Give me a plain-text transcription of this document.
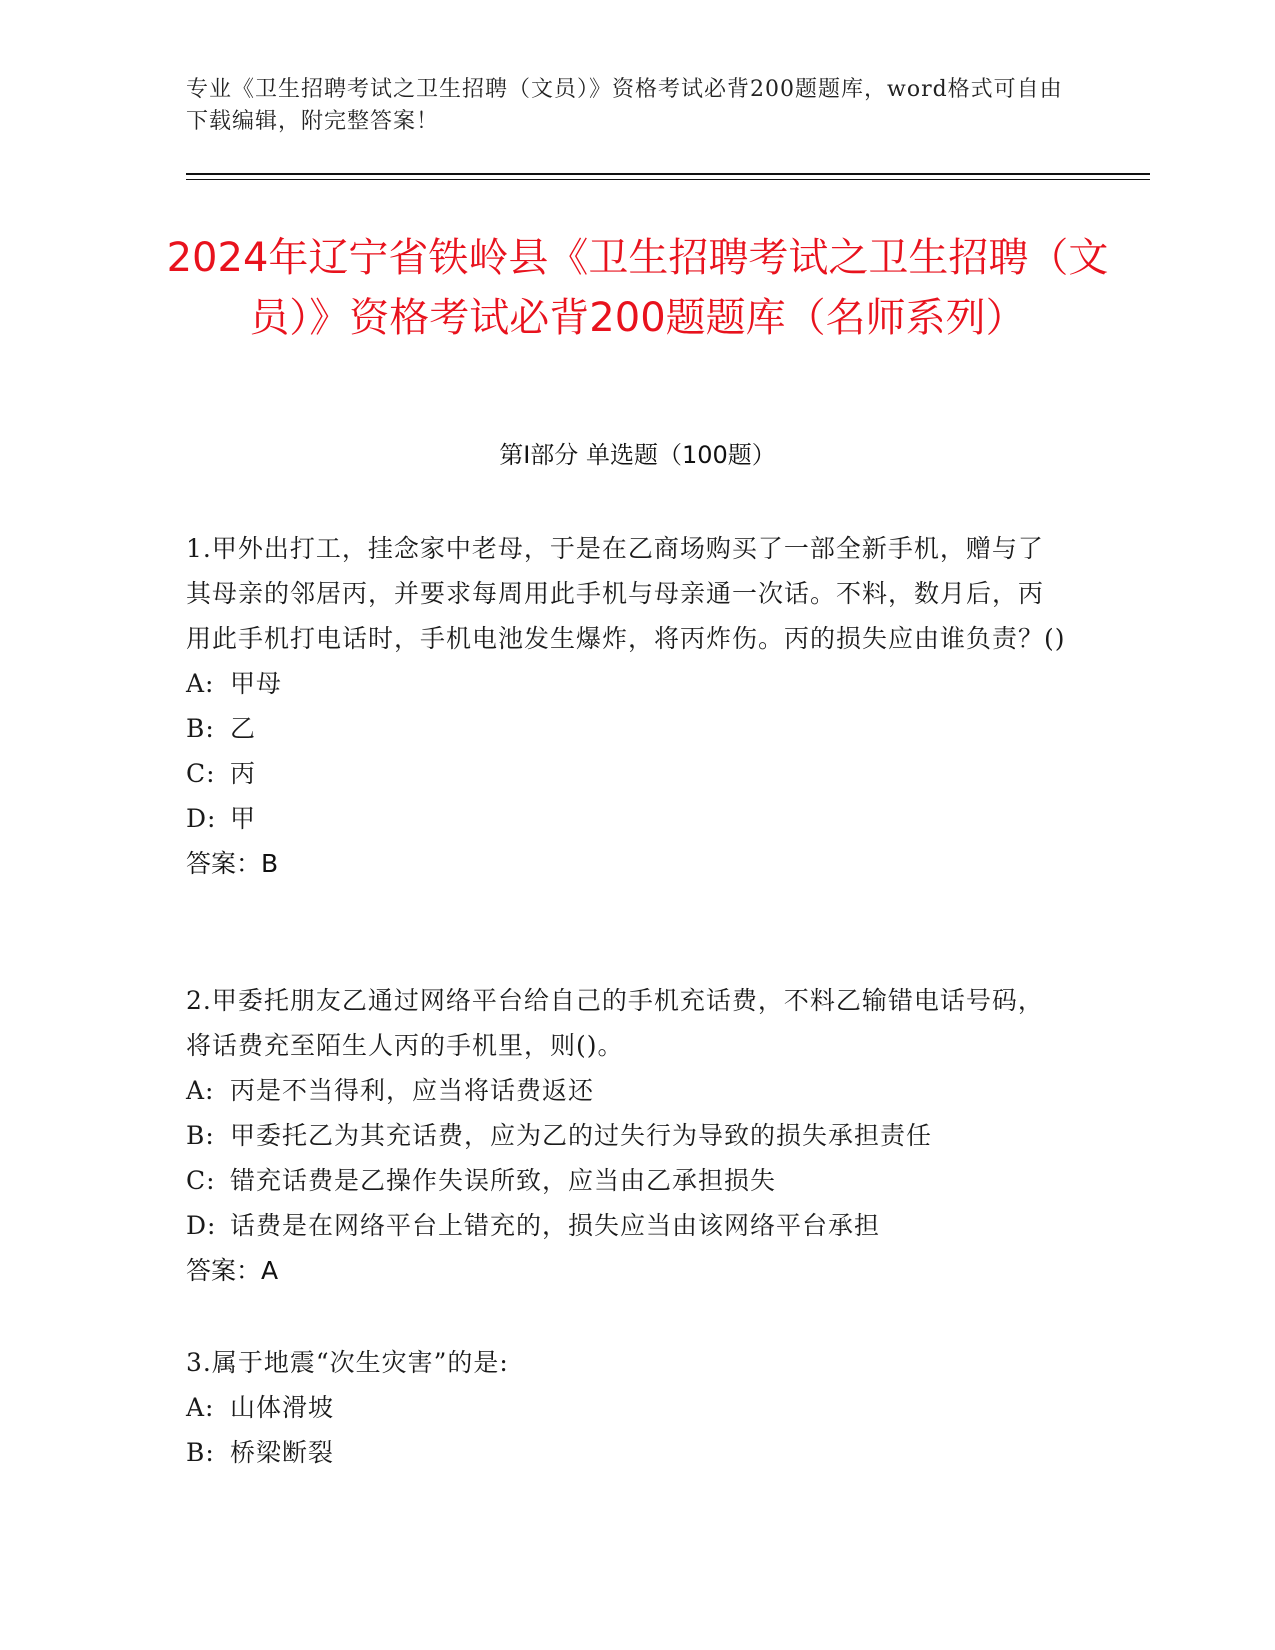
专业《卫生招聘考试之卫生招聘（文员）》资格考试必背200题题库，word格式可自由下载编辑，附完整答案！
2024年辽宁省铁岭县《卫生招聘考试之卫生招聘（文员）》资格考试必背200题题库（名师系列）
第I部分 单选题（100题）
1.甲外出打工，挂念家中老母，于是在乙商场购买了一部全新手机，赠与了其母亲的邻居丙，并要求每周用此手机与母亲通一次话。不料，数月后，丙用此手机打电话时，手机电池发生爆炸，将丙炸伤。丙的损失应由谁负责？()
A: 甲母
B: 乙
C: 丙
D: 甲
答案：B
2.甲委托朋友乙通过网络平台给自己的手机充话费，不料乙输错电话号码，将话费充至陌生人丙的手机里，则()。
A: 丙是不当得利，应当将话费返还
B: 甲委托乙为其充话费，应为乙的过失行为导致的损失承担责任
C: 错充话费是乙操作失误所致，应当由乙承担损失
D: 话费是在网络平台上错充的，损失应当由该网络平台承担
答案：A
3.属于地震“次生灾害”的是:
A: 山体滑坡
B: 桥梁断裂
